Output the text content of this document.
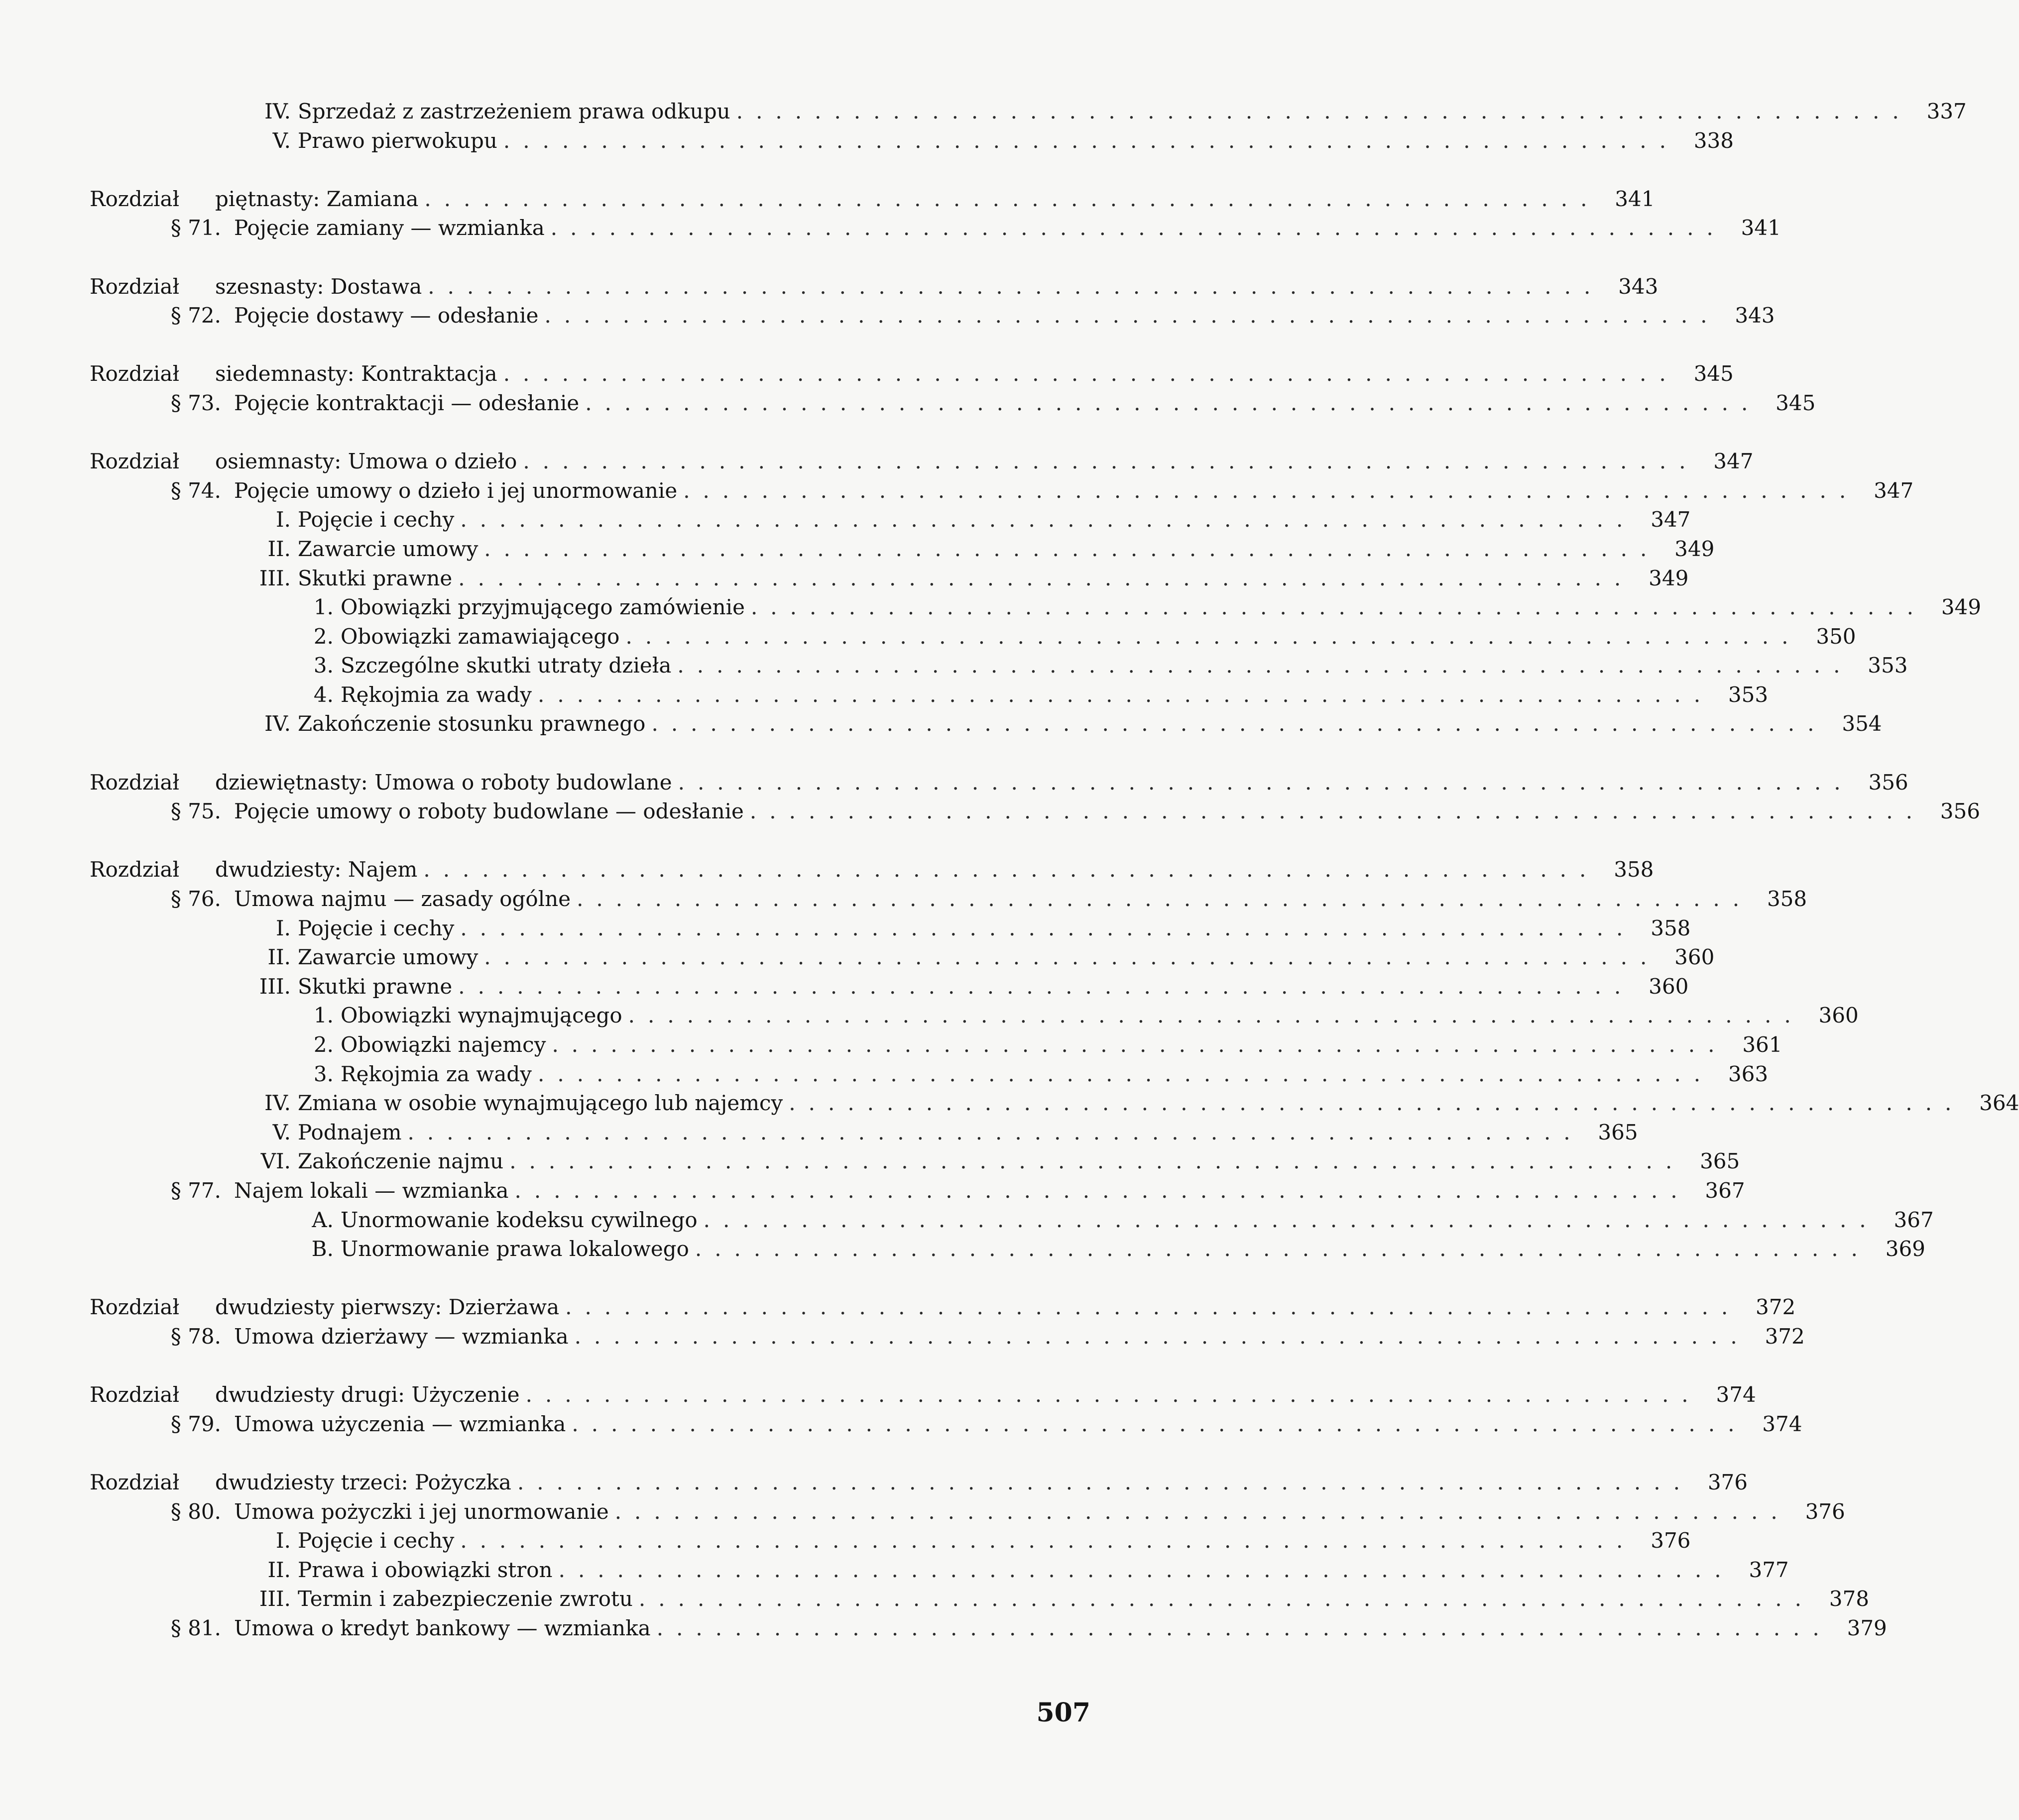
IV. Sprzedaż z zastrzeżeniem prawa odkupu ............................................................ 337
V. Prawo pierwokupu ............................................................ 338
Rozdział	piętnasty: Zamiana ............................................................ 341
§ 71. Pojęcie zamiany — wzmianka ............................................................ 341
Rozdział	szesnasty: Dostawa ............................................................ 343
§ 72. Pojęcie dostawy — odesłanie ............................................................ 343
Rozdział	siedemnasty: Kontraktacja ............................................................ 345
§ 73. Pojęcie kontraktacji — odesłanie ............................................................ 345
Rozdział	osiemnasty: Umowa o dzieło ............................................................ 347
§ 74. Pojęcie umowy o dzieło i jej unormowanie ............................................................ 347
I. Pojęcie i cechy ............................................................ 347
II. Zawarcie umowy ............................................................ 349
III. Skutki prawne ............................................................ 349
1. Obowiązki przyjmującego zamówienie ............................................................ 349
2. Obowiązki zamawiającego ............................................................ 350
3. Szczególne skutki utraty dzieła ............................................................ 353
4. Rękojmia za wady ............................................................ 353
IV. Zakończenie stosunku prawnego ............................................................ 354
Rozdział	dziewiętnasty: Umowa o roboty budowlane ............................................................ 356
§ 75. Pojęcie umowy o roboty budowlane — odesłanie ............................................................ 356
Rozdział	dwudziesty: Najem ............................................................ 358
§ 76. Umowa najmu — zasady ogólne ............................................................ 358
I. Pojęcie i cechy ............................................................ 358
II. Zawarcie umowy ............................................................ 360
III. Skutki prawne ............................................................ 360
1. Obowiązki wynajmującego ............................................................ 360
2. Obowiązki najemcy ............................................................ 361
3. Rękojmia za wady ............................................................ 363
IV. Zmiana w osobie wynajmującego lub najemcy ............................................................ 364
V. Podnajem ............................................................ 365
VI. Zakończenie najmu ............................................................ 365
§ 77. Najem lokali — wzmianka ............................................................ 367
A. Unormowanie kodeksu cywilnego ............................................................ 367
B. Unormowanie prawa lokalowego ............................................................ 369
Rozdział	dwudziesty pierwszy: Dzierżawa ............................................................ 372
§ 78. Umowa dzierżawy — wzmianka ............................................................ 372
Rozdział	dwudziesty drugi: Użyczenie ............................................................ 374
§ 79. Umowa użyczenia — wzmianka ............................................................ 374
Rozdział	dwudziesty trzeci: Pożyczka ............................................................ 376
§ 80. Umowa pożyczki i jej unormowanie ............................................................ 376
I. Pojęcie i cechy ............................................................ 376
II. Prawa i obowiązki stron ............................................................ 377
III. Termin i zabezpieczenie zwrotu ............................................................ 378
§ 81. Umowa o kredyt bankowy — wzmianka ............................................................ 379
507
